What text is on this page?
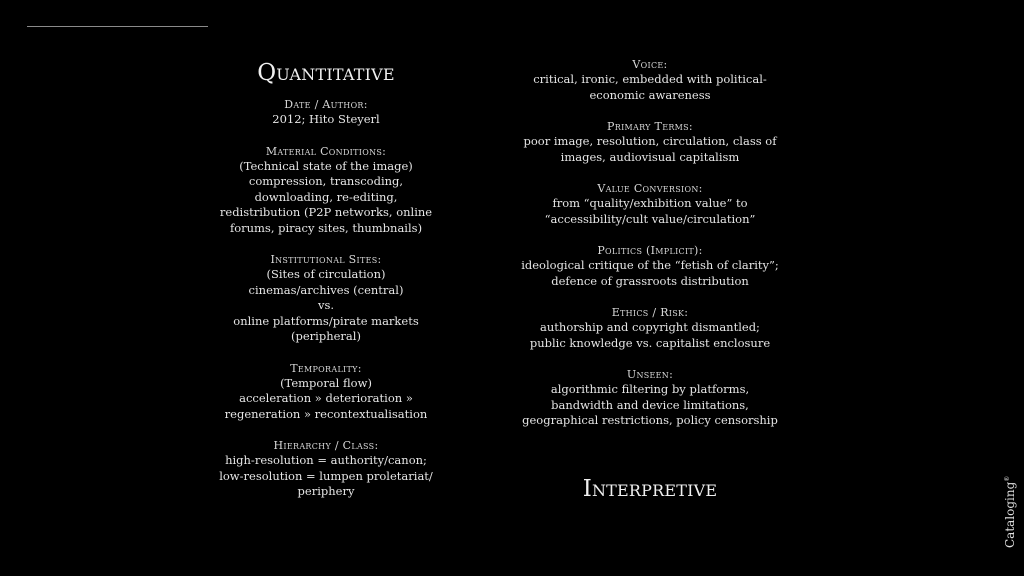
Quantitative
Date / Author:
2012; Hito Steyerl
Material Conditions:
(Technical state of the image)
compression, transcoding,
downloading, re-editing,
redistribution (P2P networks, online
forums, piracy sites, thumbnails)
Institutional Sites:
(Sites of circulation)
cinemas/archives (central)
vs.
online platforms/pirate markets
(peripheral)
Temporality:
(Temporal flow)
acceleration » deterioration »
regeneration » recontextualisation
Hierarchy / Class:
high-resolution = authority/canon;
low-resolution = lumpen proletariat/
periphery
Voice:
critical, ironic, embedded with political-
economic awareness
Primary Terms:
poor image, resolution, circulation, class of
images, audiovisual capitalism
Value Conversion:
from “quality/exhibition value” to
“accessibility/cult value/circulation”
Politics (Implicit):
ideological critique of the “fetish of clarity”;
defence of grassroots distribution
Ethics / Risk:
authorship and copyright dismantled;
public knowledge vs. capitalist enclosure
Unseen:
algorithmic filtering by platforms,
bandwidth and device limitations,
geographical restrictions, policy censorship
Interpretive	Cataloging®
